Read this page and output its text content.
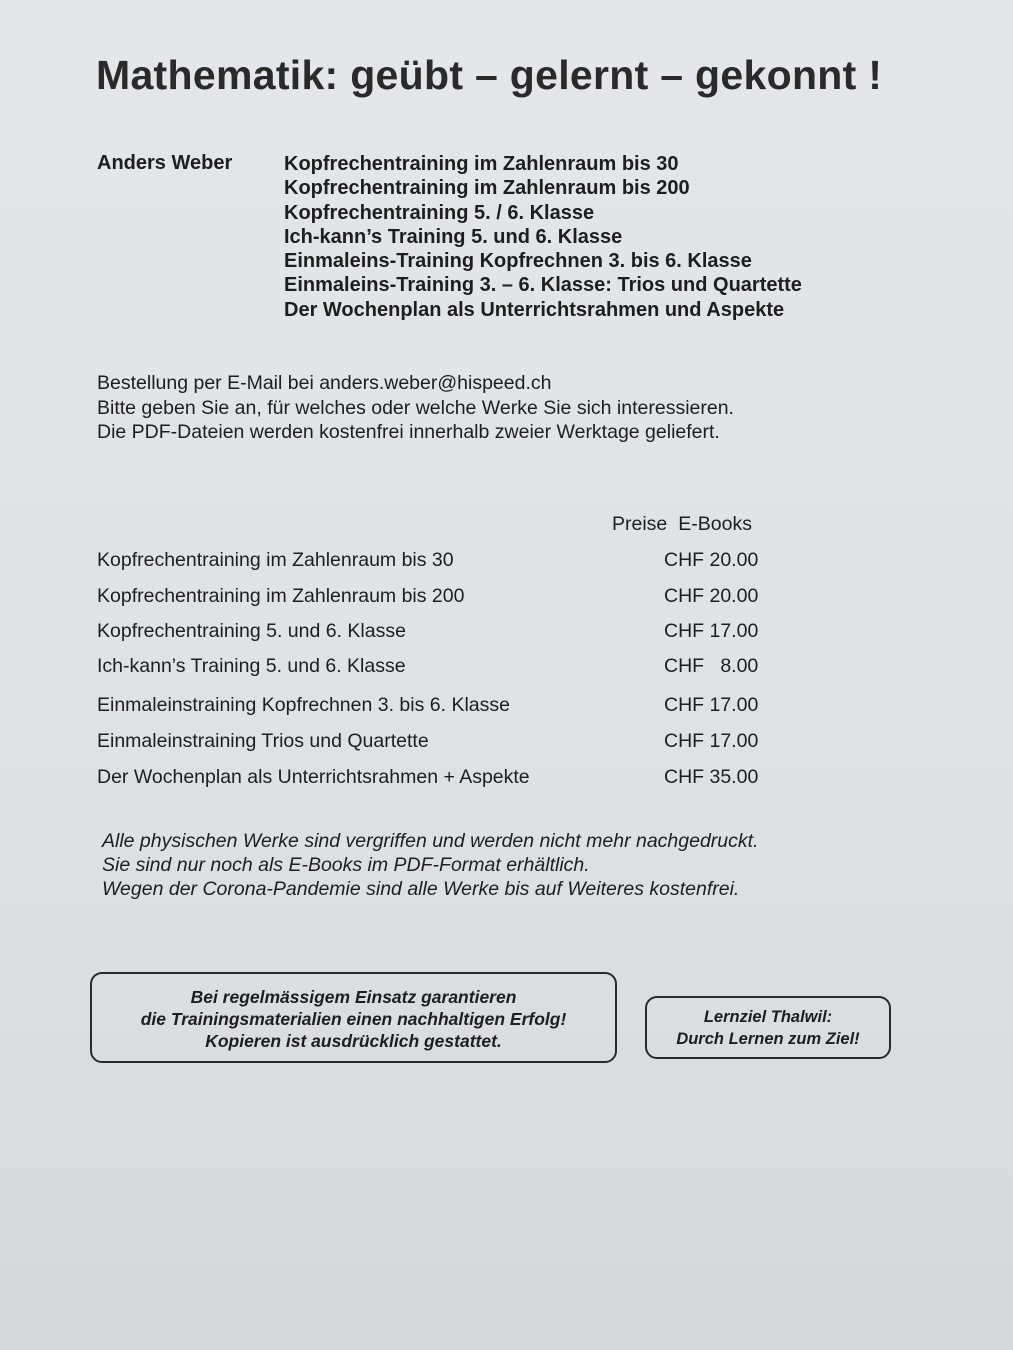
Mathematik: geübt – gelernt – gekonnt !
Anders Weber	Kopfrechentraining im Zahlenraum bis 30
Kopfrechentraining im Zahlenraum bis 200
Kopfrechentraining 5. / 6. Klasse
Ich-kann’s Training 5. und 6. Klasse
Einmaleins-Training Kopfrechnen 3. bis 6. Klasse
Einmaleins-Training 3. – 6. Klasse: Trios und Quartette
Der Wochenplan als Unterrichtsrahmen und Aspekte
Bestellung per E-Mail bei anders.weber@hispeed.ch
Bitte geben Sie an, für welches oder welche Werke Sie sich interessieren.
Die PDF-Dateien werden kostenfrei innerhalb zweier Werktage geliefert.
Preise E-Books
Kopfrechentraining im Zahlenraum bis 30	CHF 20.00
Kopfrechentraining im Zahlenraum bis 200	CHF 20.00
Kopfrechentraining 5. und 6. Klasse	CHF 17.00
Ich-kann’s Training 5. und 6. Klasse	CHF   8.00
Einmaleinstraining Kopfrechnen 3. bis 6. Klasse	CHF 17.00
Einmaleinstraining Trios und Quartette	CHF 17.00
Der Wochenplan als Unterrichtsrahmen + Aspekte	CHF 35.00
Alle physischen Werke sind vergriffen und werden nicht mehr nachgedruckt.
Sie sind nur noch als E-Books im PDF-Format erhältlich.
Wegen der Corona-Pandemie sind alle Werke bis auf Weiteres kostenfrei.
Bei regelmässigem Einsatz garantieren
die Trainingsmaterialien einen nachhaltigen Erfolg!
Kopieren ist ausdrücklich gestattet.
Lernziel Thalwil:
Durch Lernen zum Ziel!
